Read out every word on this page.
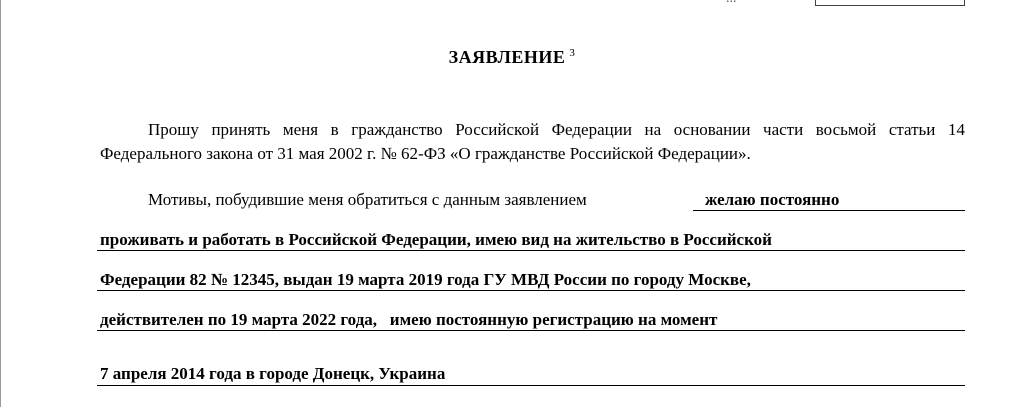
ЗАЯВЛЕНИЕ $^3$

Прошу принять меня в гражданство Российской Федерации на основании части восьмой статьи 14 Федерального закона от 31 мая 2002 г. № 62-ФЗ «О гражданстве Российской Федерации».

Мотивы, побудившие меня обратиться с данным заявлением	желаю постоянно
проживать и работать в Российской Федерации, имею вид на жительство в Российской
Федерации 82 № 12345, выдан 19 марта 2019 года ГУ МВД России по городу Москве,
действителен по 19 марта 2022 года,   имею постоянную регистрацию на момент
7 апреля 2014 года в городе Донецк, Украина
